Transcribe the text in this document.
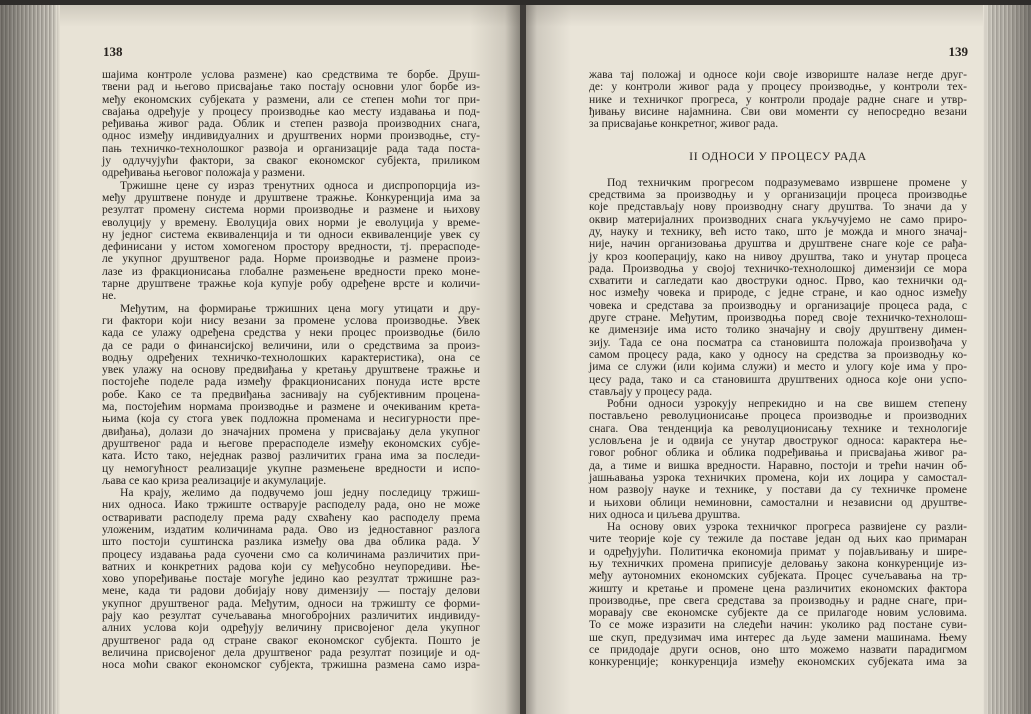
138	139
шајима контроле услова размене) као средствима те борбе. Друш-
твени рад и његово присвајање тако постају основни улог борбе из-
међу економских субјеката у размени, али се степен моћи тог при-
свајања одређује у процесу производње као месту издавања и под-
ређивања живог рада. Облик и степен развоја производних снага,
однос између индивидуалних и друштвених норми производње, сту-
пањ техничко-технолошког развоја и организације рада тада поста-
ју одлучујући фактори, за сваког економског субјекта, приликом
одређивања његовог положаја у размени.
Тржишне цене су израз тренутних односа и диспропорција из-
међу друштвене понуде и друштвене тражње. Конкуренција има за
резултат промену система норми производње и размене и њихову
еволуцију у времену. Еволуција ових норми је еволуција у време-
ну једног система еквиваленција и ти односи еквиваленције увек су
дефинисани у истом хомогеном простору вредности, тј. прерасподе-
ле укупног друштвеног рада. Норме производње и размене произ-
лазе из фракционисања глобалне размењене вредности преко моне-
тарне друштвене тражње која купује робу одређене врсте и количи-
не.
Међутим, на формирање тржишних цена могу утицати и дру-
ги фактори који нису везани за промене услова производње. Увек
када се улажу одређена средства у неки процес производње (било
да се ради о финансијској величини, или о средствима за произ-
водњу одређених техничко-технолошких карактеристика), она се
увек улажу на основу предвиђања у кретању друштвене тражње и
постојеће поделе рада између фракционисаних понуда исте врсте
робе. Како се та предвиђања заснивају на субјективним процена-
ма, постојећим нормама производње и размене и очекиваним крета-
њима (која су стога увек подложна променама и несигурности пре-
двиђања), долази до значајних промена у присвајању дела укупног
друштвеног рада и његове прерасподеле између економских субје-
ката. Исто тако, неједнак развој различитих грана има за последи-
цу немогућност реализације укупне размењене вредности и испо-
љава се као криза реализације и акумулације.
На крају, желимо да подвучемо још једну последицу тржиш-
них односа. Иако тржиште остварује расподелу рада, оно не може
остваривати расподелу према раду схваћену као расподелу према
уложеним, издатим количинама рада. Ово из једноставног разлога
што постоји суштинска разлика између ова два облика рада. У
процесу издавања рада суочени смо са количинама различитих при-
ватних и конкретних радова који су међусобно неупоредиви. Ње-
хово упоређивање постаје могуће једино као резултат тржишне раз-
мене, када ти радови добијају нову димензију — постају делови
укупног друштвеног рада. Међутим, односи на тржишту се форми-
рају као резултат сучељавања многобројних различитих индивиду-
алних услова који одређују величину присвојеног дела укупног
друштвеног рада од стране сваког економског субјекта. Пошто је
величина присвојеног дела друштвеног рада резултат позиције и од-
носа моћи сваког економског субјекта, тржишна размена само изра-
жава тај положај и односе који своје извориште налазе негде друг-
де: у контроли живог рада у процесу производње, у контроли тех-
нике и техничког прогреса, у контроли продаје радне снаге и утвр-
ђивању висине најамнина. Сви ови моменти су непосредно везани
за присвајање конкретног, живог рада.
II ОДНОСИ У ПРОЦЕСУ РАДА
Под техничким прогресом подразумевамо извршене промене у
средствима за производњу и у организацији процеса производње
које представљају нову производну снагу друштва. То значи да у
оквир материјалних производних снага укључујемо не само приро-
ду, науку и технику, већ исто тако, што је можда и много значај-
није, начин организовања друштва и друштвене снаге које се рађа-
ју кроз кооперацију, како на нивоу друштва, тако и унутар процеса
рада. Производња у својој техничко-технолошкој димензији се мора
схватити и сагледати као двоструки однос. Прво, као технички од-
нос између човека и природе, с једне стране, и као однос између
човека и средстава за производњу и организације процеса рада, с
друге стране. Међутим, производња поред своје техничко-технолош-
ке димензије има исто толико значајну и своју друштвену димен-
зију. Тада се она посматра са становишта положаја произвођача у
самом процесу рада, како у односу на средства за производњу ко-
јима се служи (или којима служи) и место и улогу које има у про-
цесу рада, тако и са становишта друштвених односа које они успо-
стављају у процесу рада.
Робни односи узрокују непрекидно и на све вишем степену
постављено револуционисање процеса производње и производних
снага. Ова тенденција ка револуционисању технике и технологије
условљена је и одвија се унутар двоструког односа: карактера ње-
говог робног облика и облика подређивања и присвајања живог ра-
да, а тиме и вишка вредности. Наравно, постоји и трећи начин об-
јашњавања узрока техничких промена, који их лоцира у самостал-
ном развоју науке и технике, у постави да су техничке промене
и њихови облици неминовни, самостални и независни од друштве-
них односа и циљева друштва.
На основу ових узрока техничког прогреса развијене су разли-
чите теорије које су тежиле да поставе један од њих као примаран
и одређујући. Политичка економија примат у појављивању и шире-
њу техничких промена приписује деловању закона конкуренције из-
међу аутономних економских субјеката. Процес сучељавања на тр-
жишту и кретање и промене цена различитих економских фактора
производње, пре свега средстава за производњу и радне снаге, при-
моравају све економске субјекте да се прилагоде новим условима.
То се може изразити на следећи начин: уколико рад постане суви-
ше скуп, предузимач има интерес да људе замени машинама. Њему
се придодаје други основ, оно што можемо назвати парадигмом
конкуренције; конкуренција између економских субјеката има за
